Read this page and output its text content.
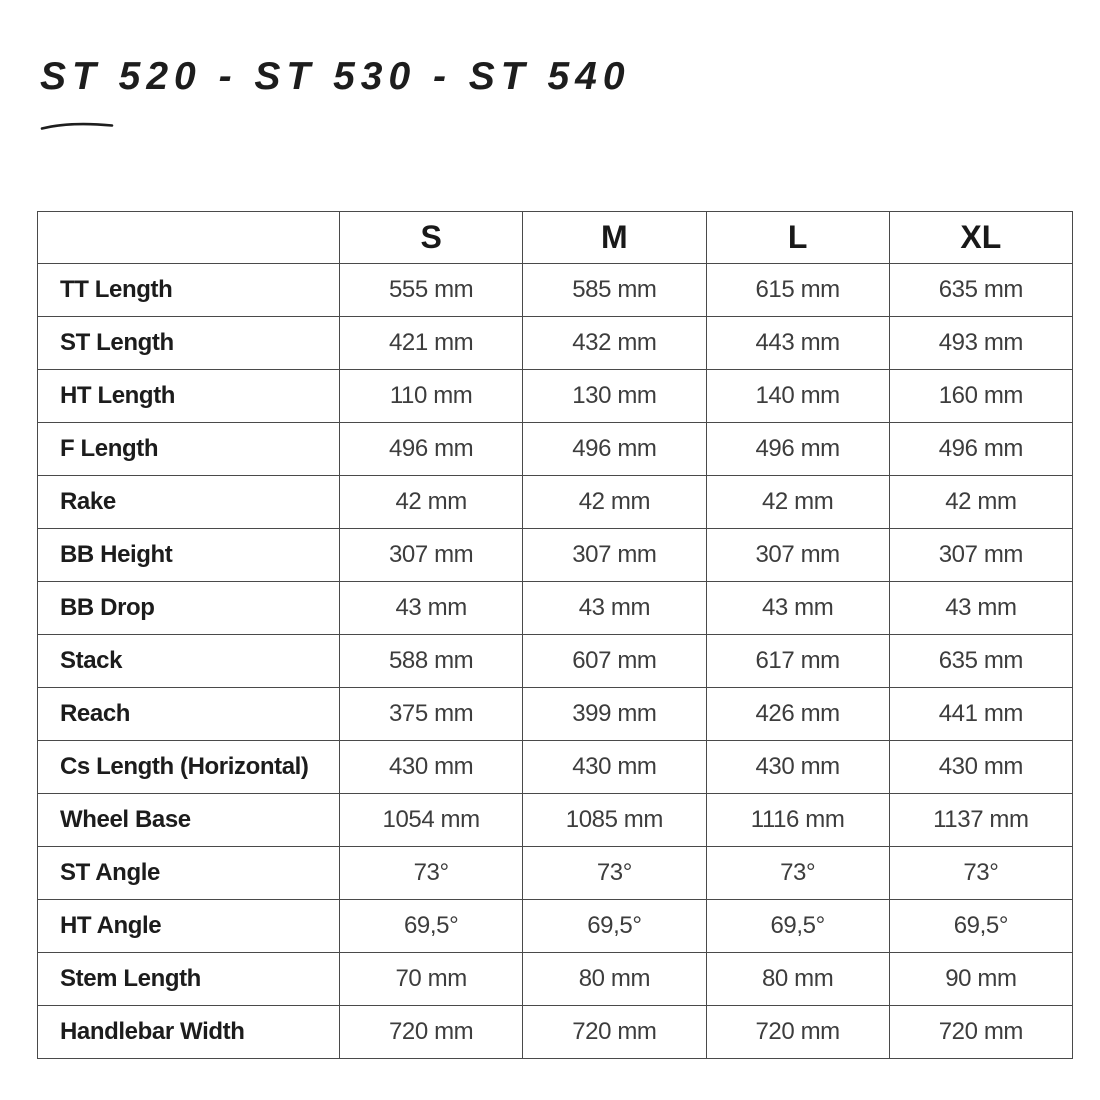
ST 520 - ST 530 - ST 540
	S	M	L	XL
TT Length	555 mm	585 mm	615 mm	635 mm
ST Length	421 mm	432 mm	443 mm	493 mm
HT Length	110 mm	130 mm	140 mm	160 mm
F Length	496 mm	496 mm	496 mm	496 mm
Rake	42 mm	42 mm	42 mm	42 mm
BB Height	307 mm	307 mm	307 mm	307 mm
BB Drop	43 mm	43 mm	43 mm	43 mm
Stack	588 mm	607 mm	617 mm	635 mm
Reach	375 mm	399 mm	426 mm	441 mm
Cs Length (Horizontal)	430 mm	430 mm	430 mm	430 mm
Wheel Base	1054 mm	1085 mm	1116 mm	1137 mm
ST Angle	73°	73°	73°	73°
HT Angle	69,5°	69,5°	69,5°	69,5°
Stem Length	70 mm	80 mm	80 mm	90 mm
Handlebar Width	720 mm	720 mm	720 mm	720 mm
